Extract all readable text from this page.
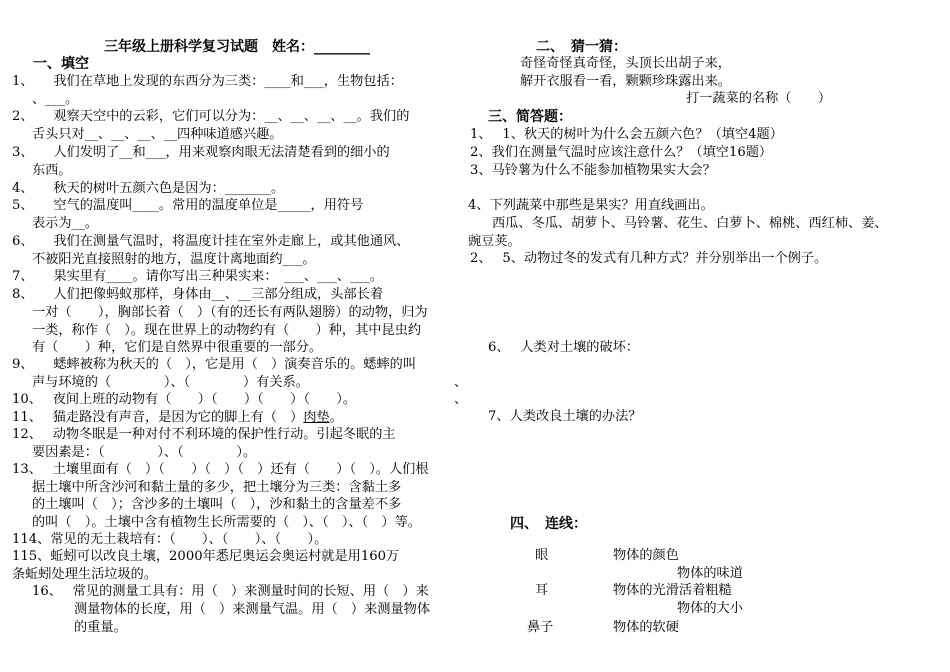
三年级上册科学复习试题　姓名：________
一、填空
1、　　我们在草地上发现的东西分为三类：____和___，生物包括：
、___。
2、　　观察天空中的云彩，它们可以分为：__、__、__、__。我们的
舌头只对__、__、__、__四种味道感兴趣。
3、　　人们发明了__和___，用来观察肉眼无法清楚看到的细小的
东西。
4、　　秋天的树叶五颜六色是因为：_______。
5、　　空气的温度叫____。常用的温度单位是_____，用符号
表示为__。
6、　　我们在测量气温时，将温度计挂在室外走廊上，或其他通风、
不被阳光直接照射的地方，温度计离地面约___。
7、　　果实里有____。请你写出三种果实来：　___、___、___。
8、　　人们把像蚂蚁那样，身体由__、__三部分组成，头部长着
一对（　　），胸部长着（　）（有的还长有两队翅膀）的动物，归为
一类，称作（　）。现在世界上的动物约有（　　）种，其中昆虫约
有（　　）种，它们是自然界中很重要的一部分。
9、　　蟋蟀被称为秋天的（　），它是用（　）演奏音乐的。蟋蟀的叫
声与环境的（　　　　）、（　　　　）有关系。	、
10、　 夜间上班的动物有（　　）（　　）（　　）（　　）。	、
11、　 猫走路没有声音，是因为它的脚上有（　）肉垫。
12、　 动物冬眠是一种对付不利环境的保护性行动。引起冬眠的主
要因素是：（　　　　）、（　　　　）。
13、　 土壤里面有（　）（　　）（　）（　）还有（　　）（　）。人们根
据土壤中所含沙河和黏土量的多少，把土壤分为三类：含黏土多
的土壤叫（　）；含沙多的土壤叫（　），沙和黏土的含量差不多
的叫（　）。土壤中含有植物生长所需要的（　）、（　）、（　）等。
114、常见的无土栽培有：（　　）、（　　）、（　　）。
115、蚯蚓可以改良土壤，2000年悉尼奥运会奥运村就是用160万
条蚯蚓处理生活垃圾的。
16、　 常见的测量工具有：用（　）来测量时间的长短、用（　）来
测量物体的长度，用（　）来测量气温。用（　）来测量物体
的重量。
二、　猜一猜：
奇怪奇怪真奇怪，头顶长出胡子来，
解开衣服看一看，颗颗珍珠露出来。
打一蔬菜的名称（　　）
三、简答题：
1、　 1、秋天的树叶为什么会五颜六色？（填空4题）
2、我们在测量气温时应该注意什么？（填空16题）
3、马铃薯为什么不能参加植物果实大会？
4、下列蔬菜中那些是果实？用直线画出。
西瓜、冬瓜、胡萝卜、马铃薯、花生、白萝卜、棉桃、西红柿、姜、
豌豆荚。
2、　 5、动物过冬的发式有几种方式？并分别举出一个例子。
6、　 人类对土壤的破坏：
7、人类改良土壤的办法？
四、　连线：
眼
耳
鼻子
物体的颜色
物体的味道
物体的光滑活着粗糙
物体的大小
物体的软硬
